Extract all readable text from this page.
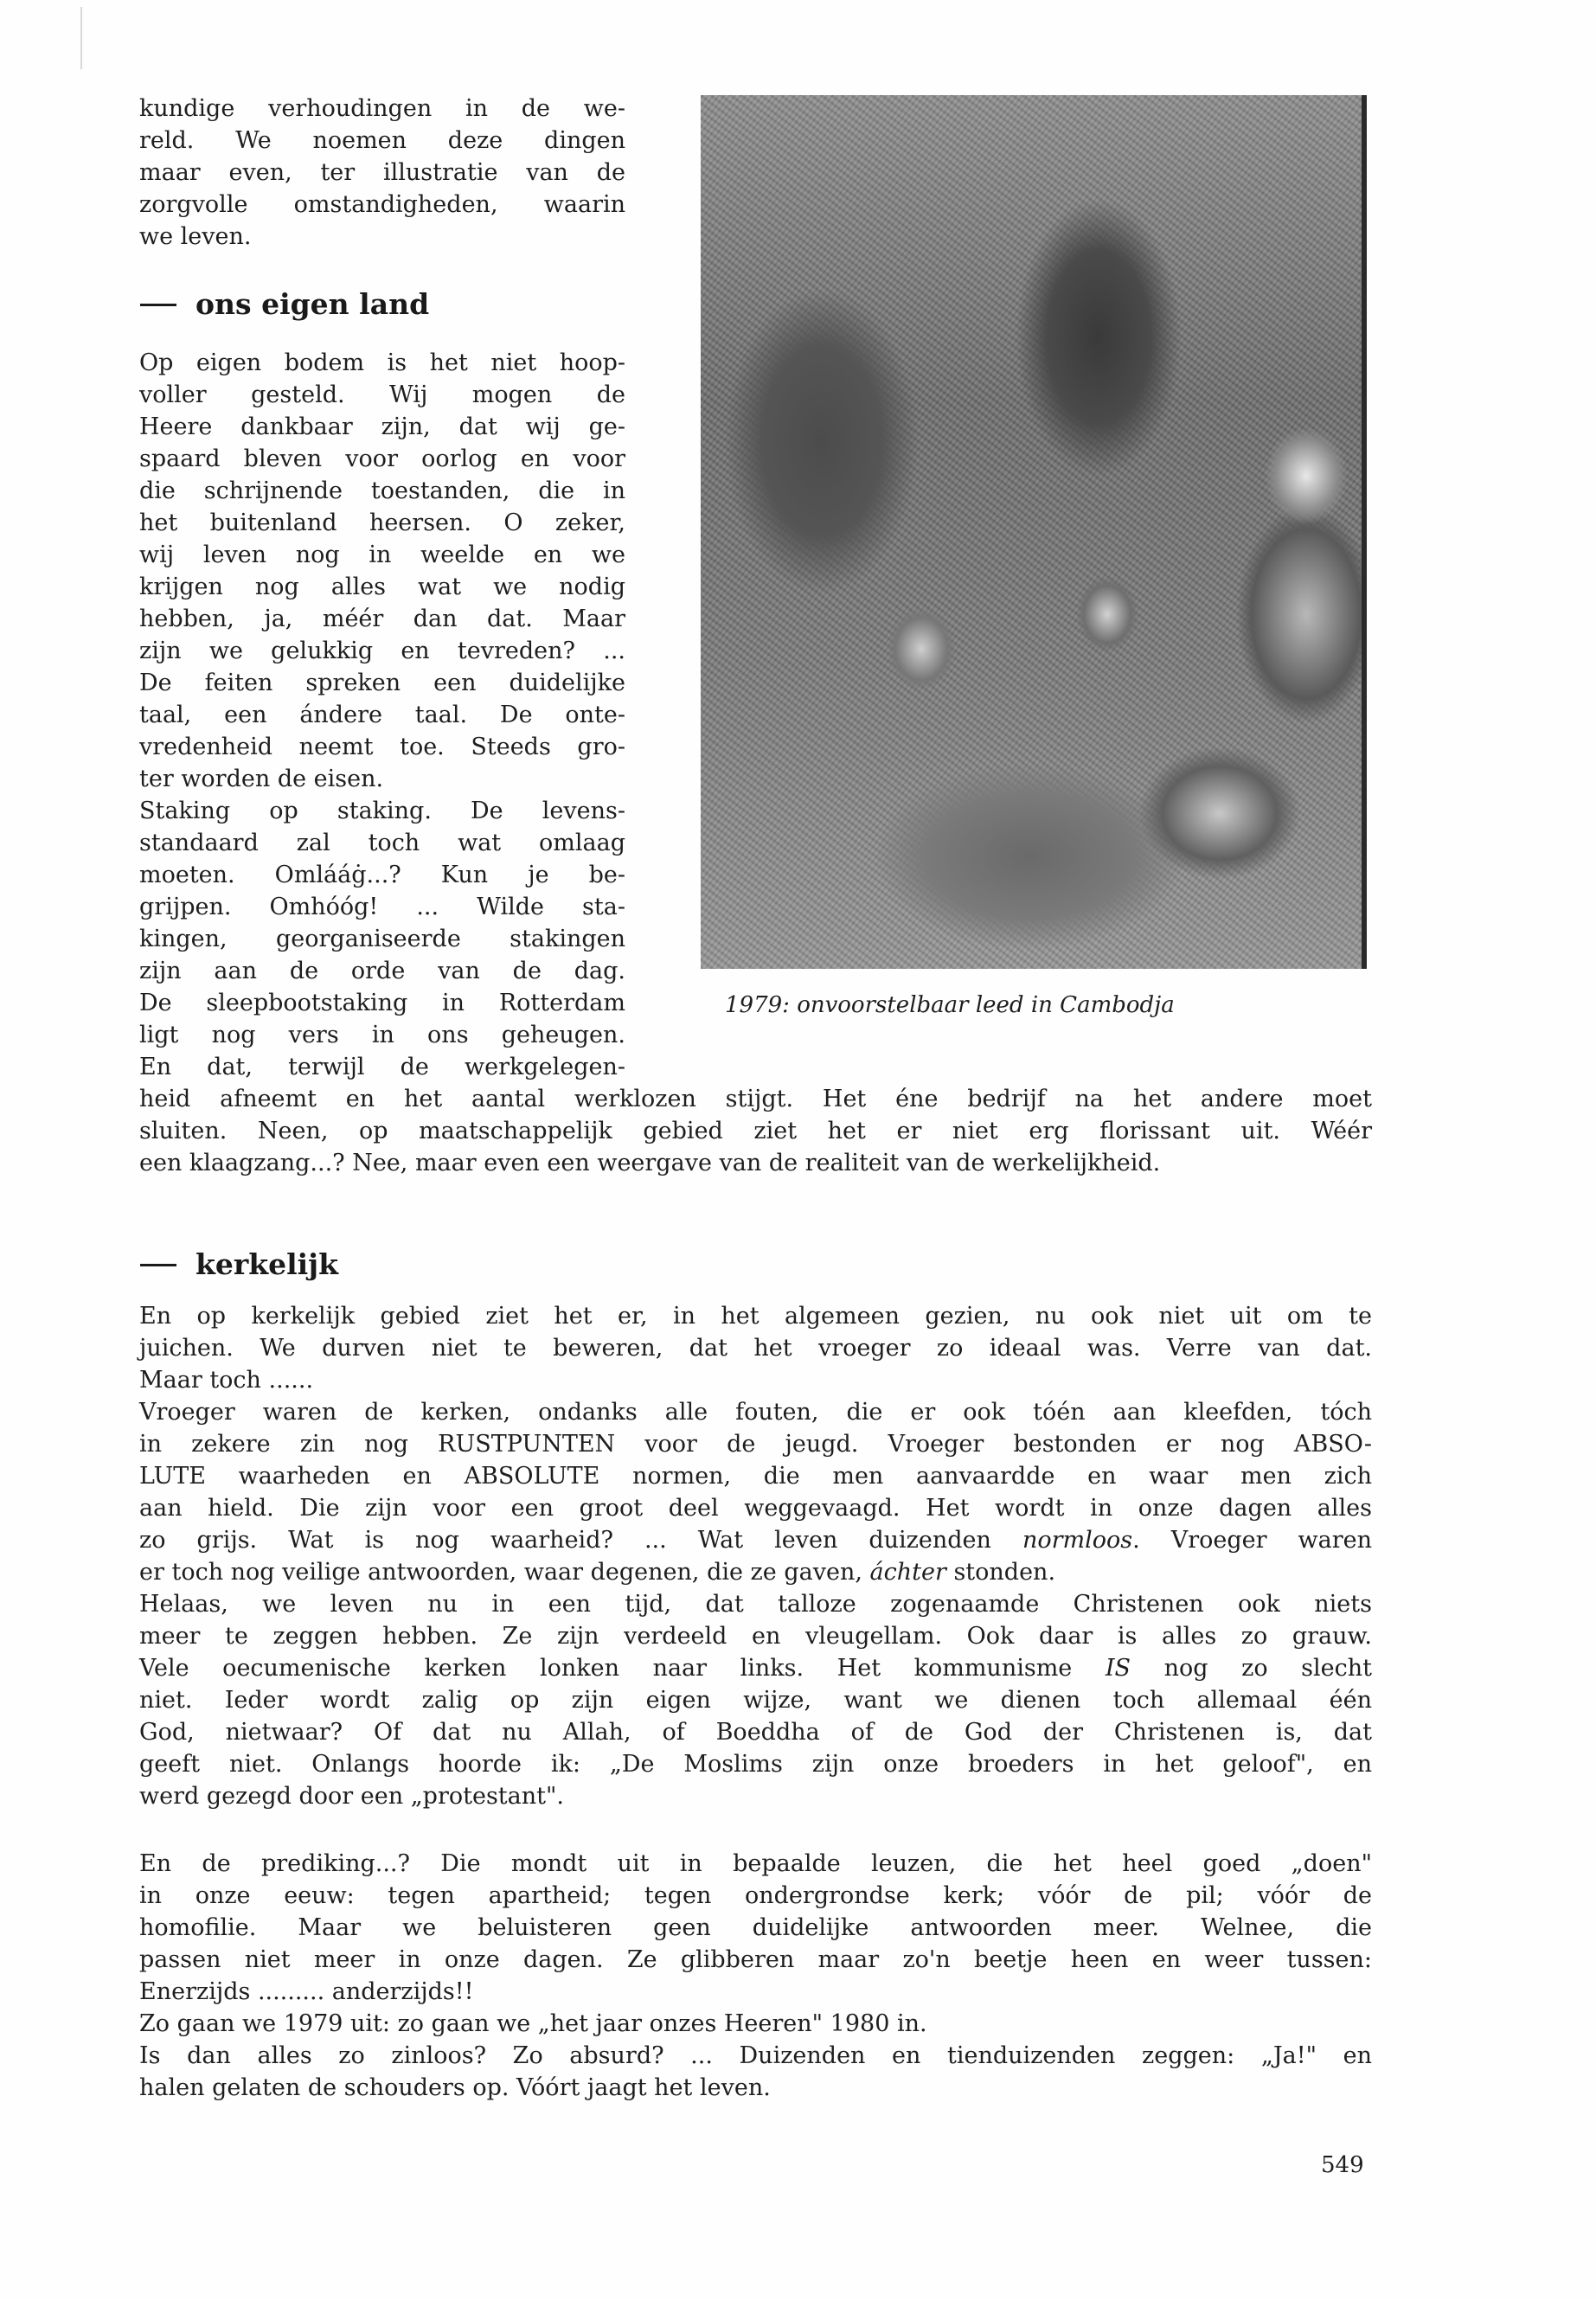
kundige verhoudingen in de we-
reld. We noemen deze dingen
maar even, ter illustratie van de
zorgvolle omstandigheden, waarin
we leven.
ons eigen land
Op eigen bodem is het niet hoop-
voller gesteld. Wij mogen de
Heere dankbaar zijn, dat wij ge-
spaard bleven voor oorlog en voor
die schrijnende toestanden, die in
het buitenland heersen. O zeker,
wij leven nog in weelde en we
krijgen nog alles wat we nodig
hebben, ja, méér dan dat. Maar
zijn we gelukkig en tevreden? ...
De feiten spreken een duidelijke
taal, een ándere taal. De onte-
vredenheid neemt toe. Steeds gro-
ter worden de eisen.
Staking op staking. De levens-
standaard zal toch wat omlaag
moeten. Omlááġ...? Kun je be-
grijpen. Omhóóg! ... Wilde sta-
kingen, georganiseerde stakingen
zijn aan de orde van de dag.
De sleepbootstaking in Rotterdam
ligt nog vers in ons geheugen.
En dat, terwijl de werkgelegen-
1979: onvoorstelbaar leed in Cambodja
heid afneemt en het aantal werklozen stijgt. Het éne bedrijf na het andere moet
sluiten. Neen, op maatschappelijk gebied ziet het er niet erg florissant uit. Wéér
een klaagzang...? Nee, maar even een weergave van de realiteit van de werkelijkheid.
kerkelijk
En op kerkelijk gebied ziet het er, in het algemeen gezien, nu ook niet uit om te
juichen. We durven niet te beweren, dat het vroeger zo ideaal was. Verre van dat.
Maar toch ......
Vroeger waren de kerken, ondanks alle fouten, die er ook tóén aan kleefden, tóch
in zekere zin nog RUSTPUNTEN voor de jeugd. Vroeger bestonden er nog ABSO-
LUTE waarheden en ABSOLUTE normen, die men aanvaardde en waar men zich
aan hield. Die zijn voor een groot deel weggevaagd. Het wordt in onze dagen alles
zo grijs. Wat is nog waarheid? ... Wat leven duizenden normloos. Vroeger waren
er toch nog veilige antwoorden, waar degenen, die ze gaven, áchter stonden.
Helaas, we leven nu in een tijd, dat talloze zogenaamde Christenen ook niets
meer te zeggen hebben. Ze zijn verdeeld en vleugellam. Ook daar is alles zo grauw.
Vele oecumenische kerken lonken naar links. Het kommunisme IS nog zo slecht
niet. Ieder wordt zalig op zijn eigen wijze, want we dienen toch allemaal één
God, nietwaar? Of dat nu Allah, of Boeddha of de God der Christenen is, dat
geeft niet. Onlangs hoorde ik: „De Moslims zijn onze broeders in het geloof", en
werd gezegd door een „protestant".
En de prediking...? Die mondt uit in bepaalde leuzen, die het heel goed „doen"
in onze eeuw: tegen apartheid; tegen ondergrondse kerk; vóór de pil; vóór de
homofilie. Maar we beluisteren geen duidelijke antwoorden meer. Welnee, die
passen niet meer in onze dagen. Ze glibberen maar zo'n beetje heen en weer tussen:
Enerzijds ......... anderzijds!!
Zo gaan we 1979 uit: zo gaan we „het jaar onzes Heeren" 1980 in.
Is dan alles zo zinloos? Zo absurd? ... Duizenden en tienduizenden zeggen: „Ja!" en
halen gelaten de schouders op. Vóórt jaagt het leven.
549
